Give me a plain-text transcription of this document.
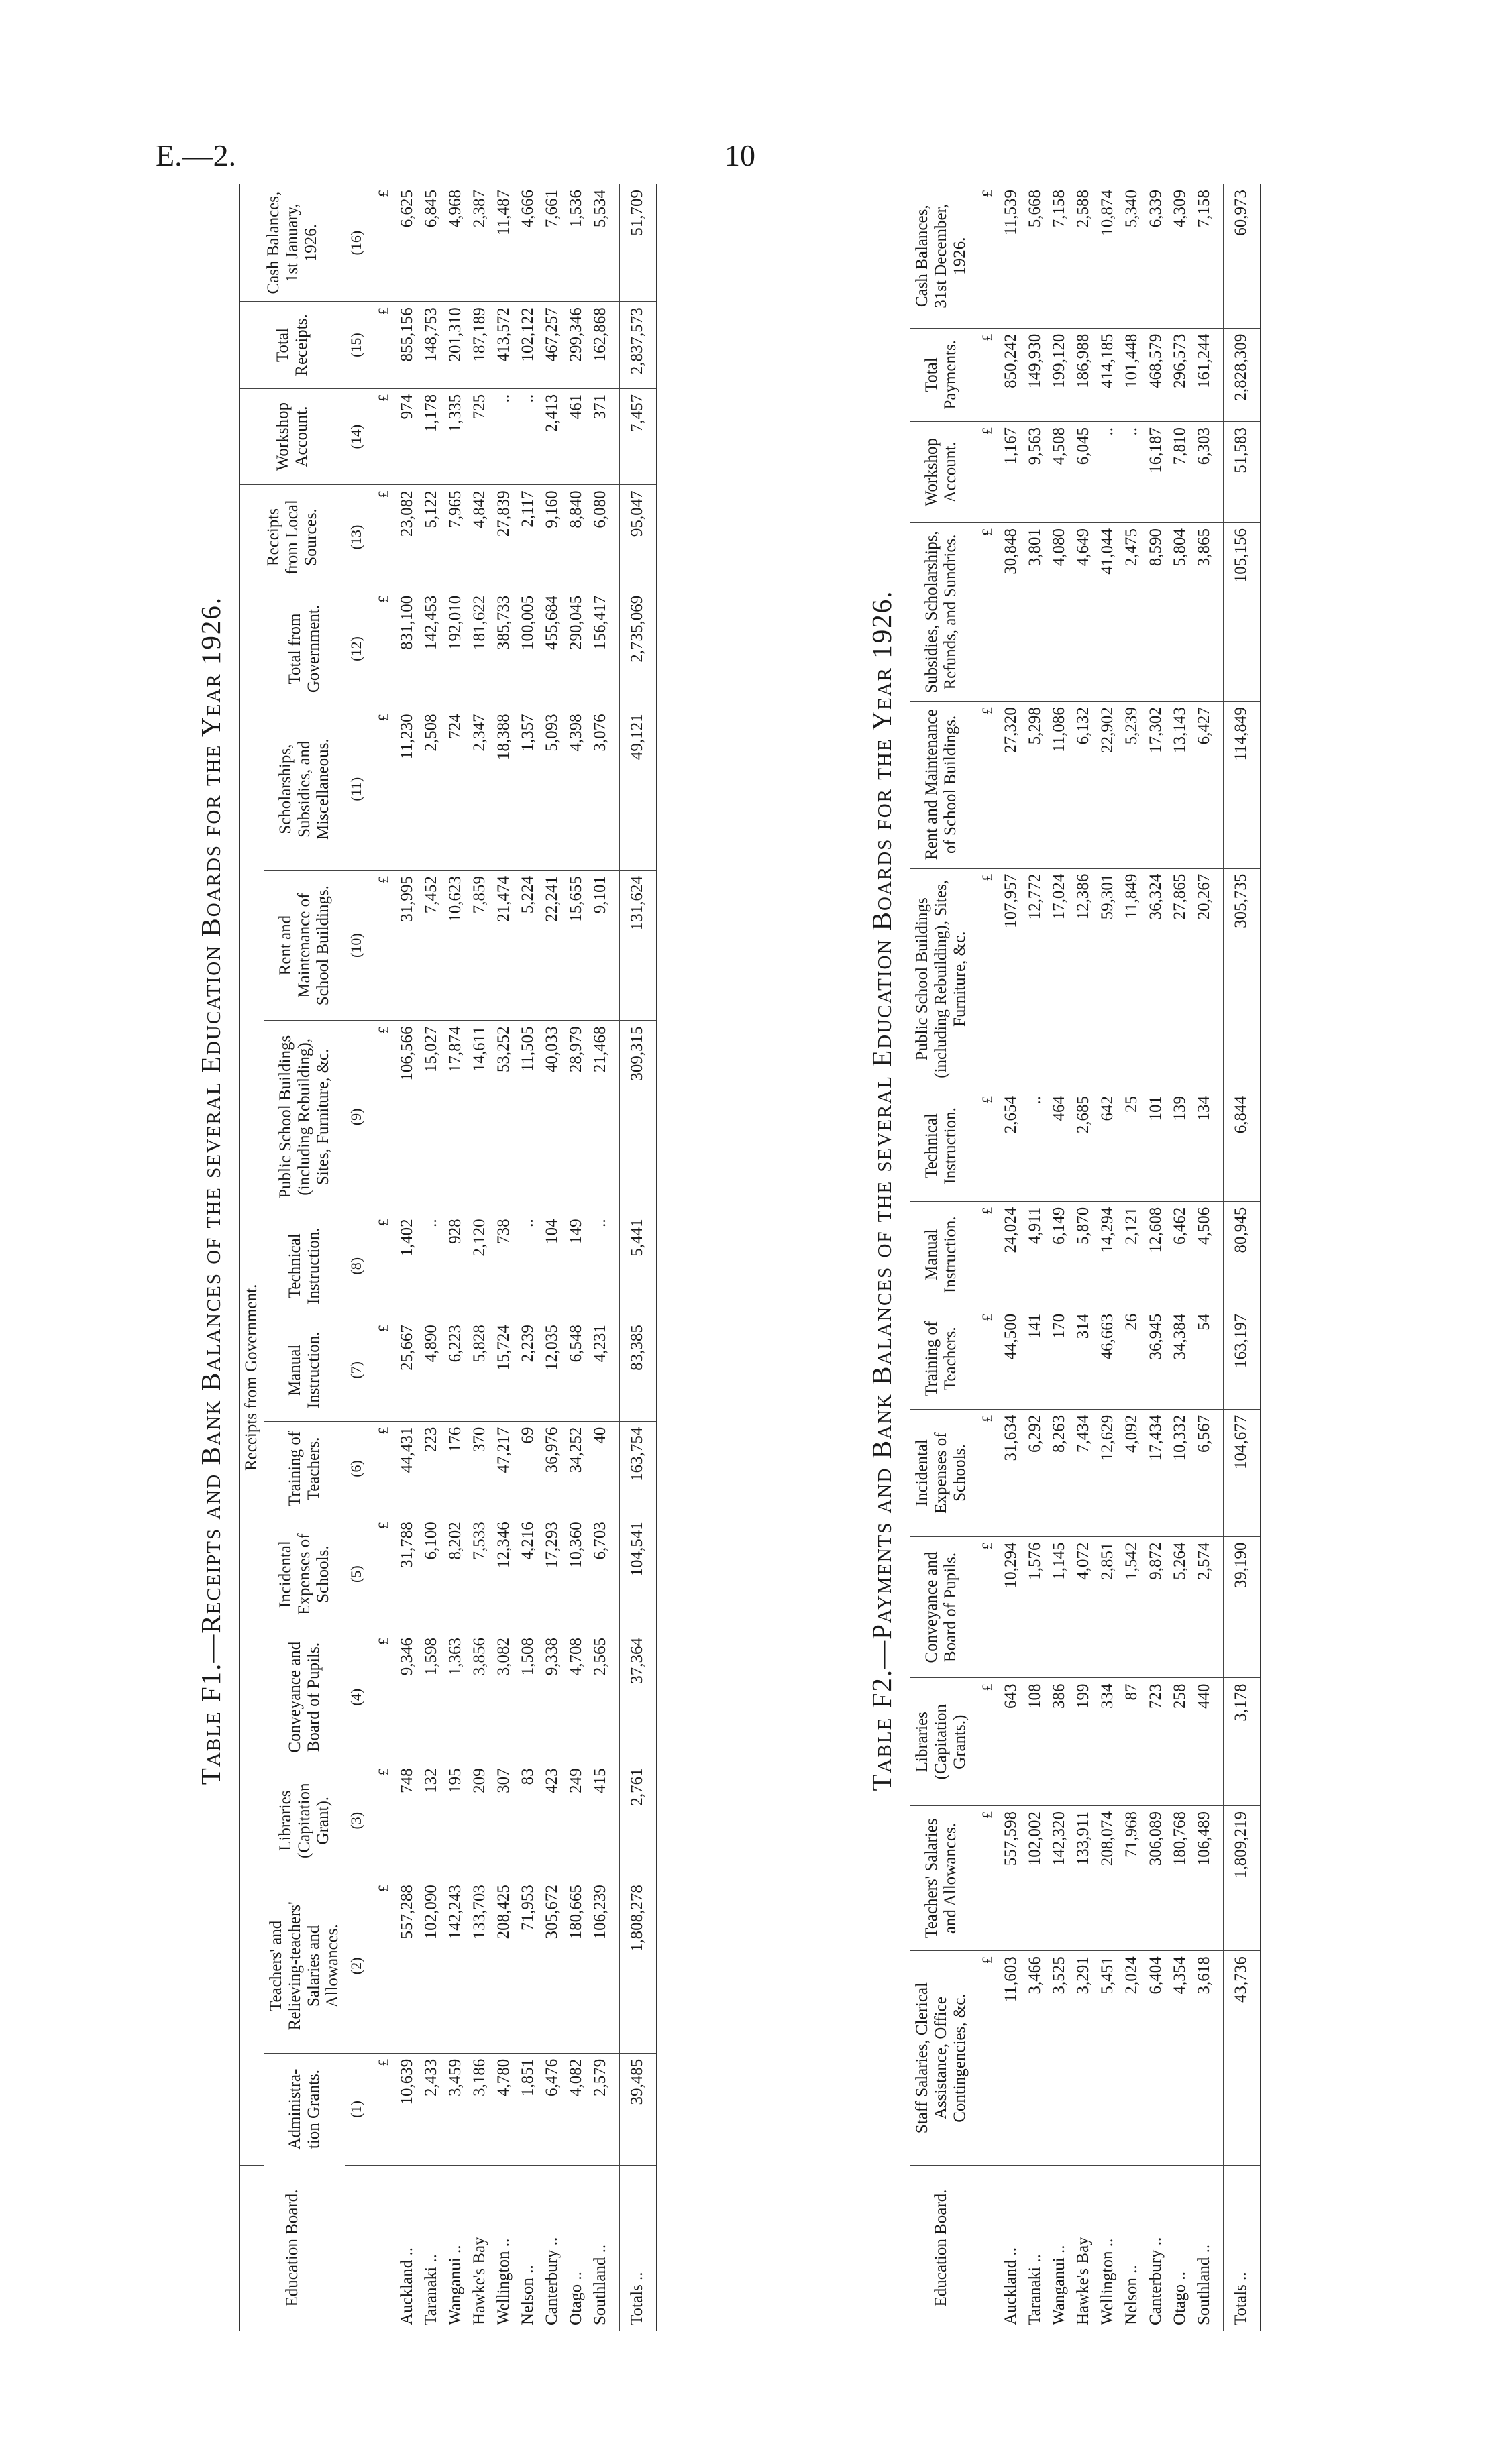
E.—2.	10
Table F1.—Receipts and Bank Balances of the several Education Boards for the Year 1926.
Education Board.	Receipts from Government.												Receipts from Local Sources.	Workshop Account.	Total Receipts.	Cash Balances, 1st January, 1926.
	Administra-tion Grants.	Teachers' and Relieving-teachers' Salaries and Allowances.	Libraries (Capitation Grant).	Conveyance and Board of Pupils.	Incidental Expenses of Schools.	Training of Teachers.	Manual Instruction.	Technical Instruction.	Public School Buildings (including Rebuilding), Sites, Furniture, &c.	Rent and Maintenance of School Buildings.	Scholarships, Subsidies, and Miscellaneous.	Total from Government.				
	(1)	(2)	(3)	(4)	(5)	(6)	(7)	(8)	(9)	(10)	(11)	(12)	(13)	(14)	(15)	(16)
	£	£	£	£	£	£	£	£	£	£	£	£	£	£	£	£
Auckland ..	10,639	557,288	748	9,346	31,788	44,431	25,667	1,402	106,566	31,995	11,230	831,100	23,082	974	855,156	6,625
Taranaki ..	2,433	102,090	132	1,598	6,100	223	4,890	..	15,027	7,452	2,508	142,453	5,122	1,178	148,753	6,845
Wanganui ..	3,459	142,243	195	1,363	8,202	176	6,223	928	17,874	10,623	724	192,010	7,965	1,335	201,310	4,968
Hawke's Bay	3,186	133,703	209	3,856	7,533	370	5,828	2,120	14,611	7,859	2,347	181,622	4,842	725	187,189	2,387
Wellington ..	4,780	208,425	307	3,082	12,346	47,217	15,724	738	53,252	21,474	18,388	385,733	27,839	..	413,572	11,487
Nelson ..	1,851	71,953	83	1,508	4,216	69	2,239	..	11,505	5,224	1,357	100,005	2,117	..	102,122	4,666
Canterbury ..	6,476	305,672	423	9,338	17,293	36,976	12,035	104	40,033	22,241	5,093	455,684	9,160	2,413	467,257	7,661
Otago ..	4,082	180,665	249	4,708	10,360	34,252	6,548	149	28,979	15,655	4,398	290,045	8,840	461	299,346	1,536
Southland ..	2,579	106,239	415	2,565	6,703	40	4,231	..	21,468	9,101	3,076	156,417	6,080	371	162,868	5,534
Totals ..	39,485	1,808,278	2,761	37,364	104,541	163,754	83,385	5,441	309,315	131,624	49,121	2,735,069	95,047	7,457	2,837,573	51,709
Table F2.—Payments and Bank Balances of the several Education Boards for the Year 1926.
Education Board.	Staff Salaries, Clerical Assistance, Office Contingencies, &c.	Teachers' Salaries and Allowances.	Libraries (Capitation Grants.)	Conveyance and Board of Pupils.	Incidental Expenses of Schools.	Training of Teachers.	Manual Instruction.	Technical Instruction.	Public School Buildings (including Rebuilding), Sites, Furniture, &c.	Rent and Maintenance of School Buildings.	Subsidies, Scholarships, Refunds, and Sundries.	Workshop Account.	Total Payments.	Cash Balances, 31st December, 1926.
	£	£	£	£	£	£	£	£	£	£	£	£	£	£
Auckland ..	11,603	557,598	643	10,294	31,634	44,500	24,024	2,654	107,957	27,320	30,848	1,167	850,242	11,539
Taranaki ..	3,466	102,002	108	1,576	6,292	141	4,911	..	12,772	5,298	3,801	9,563	149,930	5,668
Wanganui ..	3,525	142,320	386	1,145	8,263	170	6,149	464	17,024	11,086	4,080	4,508	199,120	7,158
Hawke's Bay	3,291	133,911	199	4,072	7,434	314	5,870	2,685	12,386	6,132	4,649	6,045	186,988	2,588
Wellington ..	5,451	208,074	334	2,851	12,629	46,663	14,294	642	59,301	22,902	41,044	..	414,185	10,874
Nelson ..	2,024	71,968	87	1,542	4,092	26	2,121	25	11,849	5,239	2,475	..	101,448	5,340
Canterbury ..	6,404	306,089	723	9,872	17,434	36,945	12,608	101	36,324	17,302	8,590	16,187	468,579	6,339
Otago ..	4,354	180,768	258	5,264	10,332	34,384	6,462	139	27,865	13,143	5,804	7,810	296,573	4,309
Southland ..	3,618	106,489	440	2,574	6,567	54	4,506	134	20,267	6,427	3,865	6,303	161,244	7,158
Totals ..	43,736	1,809,219	3,178	39,190	104,677	163,197	80,945	6,844	305,735	114,849	105,156	51,583	2,828,309	60,973
